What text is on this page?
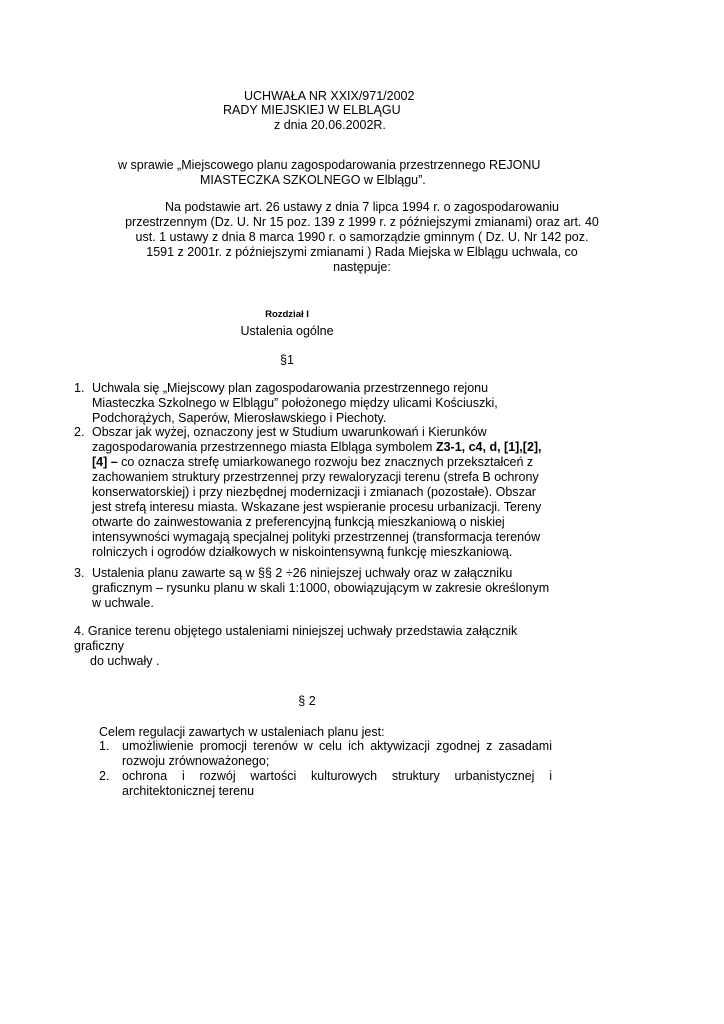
UCHWAŁA NR XXIX/971/2002
RADY MIEJSKIEJ W ELBLĄGU
z dnia 20.06.2002R.
w sprawie „Miejscowego planu zagospodarowania przestrzennego REJONU
MIASTECZKA SZKOLNEGO w Elblągu”.
Na podstawie art. 26 ustawy z dnia 7 lipca 1994 r. o zagospodarowaniu
przestrzennym (Dz. U. Nr 15 poz. 139 z 1999 r. z późniejszymi zmianami) oraz art. 40
ust. 1 ustawy z dnia 8 marca 1990 r. o samorządzie gminnym ( Dz. U. Nr 142 poz.
1591 z 2001r. z późniejszymi zmianami ) Rada Miejska w Elblągu uchwala, co
następuje:
Rozdział I
Ustalenia ogólne
§1
1. Uchwala się „Miejscowy plan zagospodarowania przestrzennego rejonu
Miasteczka Szkolnego w Elblągu” położonego między ulicami Kościuszki,
Podchorążych, Saperów, Mierosławskiego i Piechoty.
2. Obszar jak wyżej, oznaczony jest w Studium uwarunkowań i Kierunków
zagospodarowania przestrzennego miasta Elbląga symbolem Z3-1, c4, d, [1],[2],
[4] – co oznacza strefę umiarkowanego rozwoju bez znacznych przekształceń z
zachowaniem struktury przestrzennej przy rewaloryzacji terenu (strefa B ochrony
konserwatorskiej) i przy niezbędnej modernizacji i zmianach (pozostałe). Obszar
jest strefą interesu miasta. Wskazane jest wspieranie procesu urbanizacji. Tereny
otwarte do zainwestowania z preferencyjną funkcją mieszkaniową o niskiej
intensywności wymagają specjalnej polityki przestrzennej (transformacja terenów
rolniczych i ogrodów działkowych w niskointensywną funkcję mieszkaniową.
3. Ustalenia planu zawarte są w §§ 2 ÷26 niniejszej uchwały oraz w załączniku
graficznym – rysunku planu w skali 1:1000, obowiązującym w zakresie określonym
w uchwale.
4. Granice terenu objętego ustaleniami niniejszej uchwały przedstawia załącznik
graficzny
do uchwały .
§ 2
Celem regulacji zawartych w ustaleniach planu jest:
1. umożliwienie promocji terenów w celu ich aktywizacji zgodnej z zasadami
rozwoju zrównoważonego;
2. ochrona i rozwój wartości kulturowych struktury urbanistycznej i
architektonicznej terenu
